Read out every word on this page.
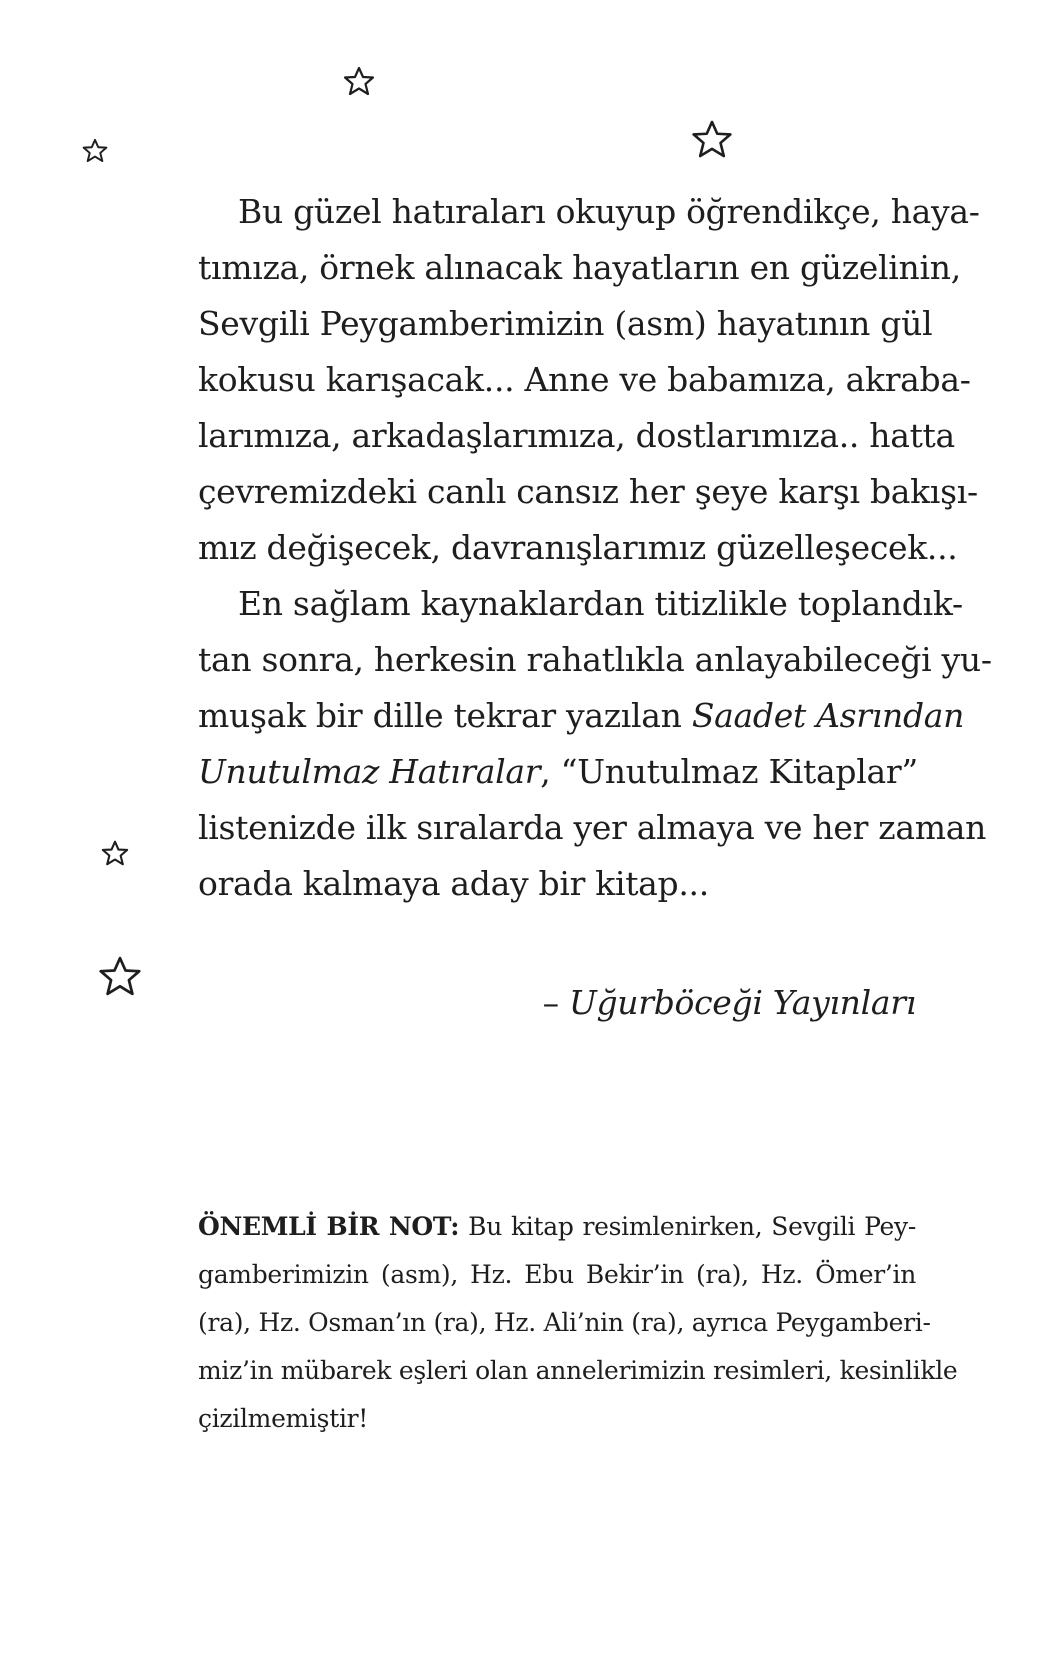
Bu güzel hatıraları okuyup öğrendikçe, haya-
tımıza, örnek alınacak hayatların en güzelinin,
Sevgili Peygamberimizin (asm) hayatının gül
kokusu karışacak... Anne ve babamıza, akraba-
larımıza, arkadaşlarımıza, dostlarımıza.. hatta
çevremizdeki canlı cansız her şeye karşı bakışı-
mız değişecek, davranışlarımız güzelleşecek...

En sağlam kaynaklardan titizlikle toplandık-
tan sonra, herkesin rahatlıkla anlayabileceği yu-
muşak bir dille tekrar yazılan Saadet Asrından
Unutulmaz Hatıralar, “Unutulmaz Kitaplar”
listenizde ilk sıralarda yer almaya ve her zaman
orada kalmaya aday bir kitap...

– Uğurböceği Yayınları
ÖNEMLİ BİR NOT: Bu kitap resimlenirken, Sevgili Pey-
gamberimizin (asm), Hz. Ebu Bekir’in (ra), Hz. Ömer’in
(ra), Hz. Osman’ın (ra), Hz. Ali’nin (ra), ayrıca Peygamberi-
miz’in mübarek eşleri olan annelerimizin resimleri, kesinlikle
çizilmemiştir!
